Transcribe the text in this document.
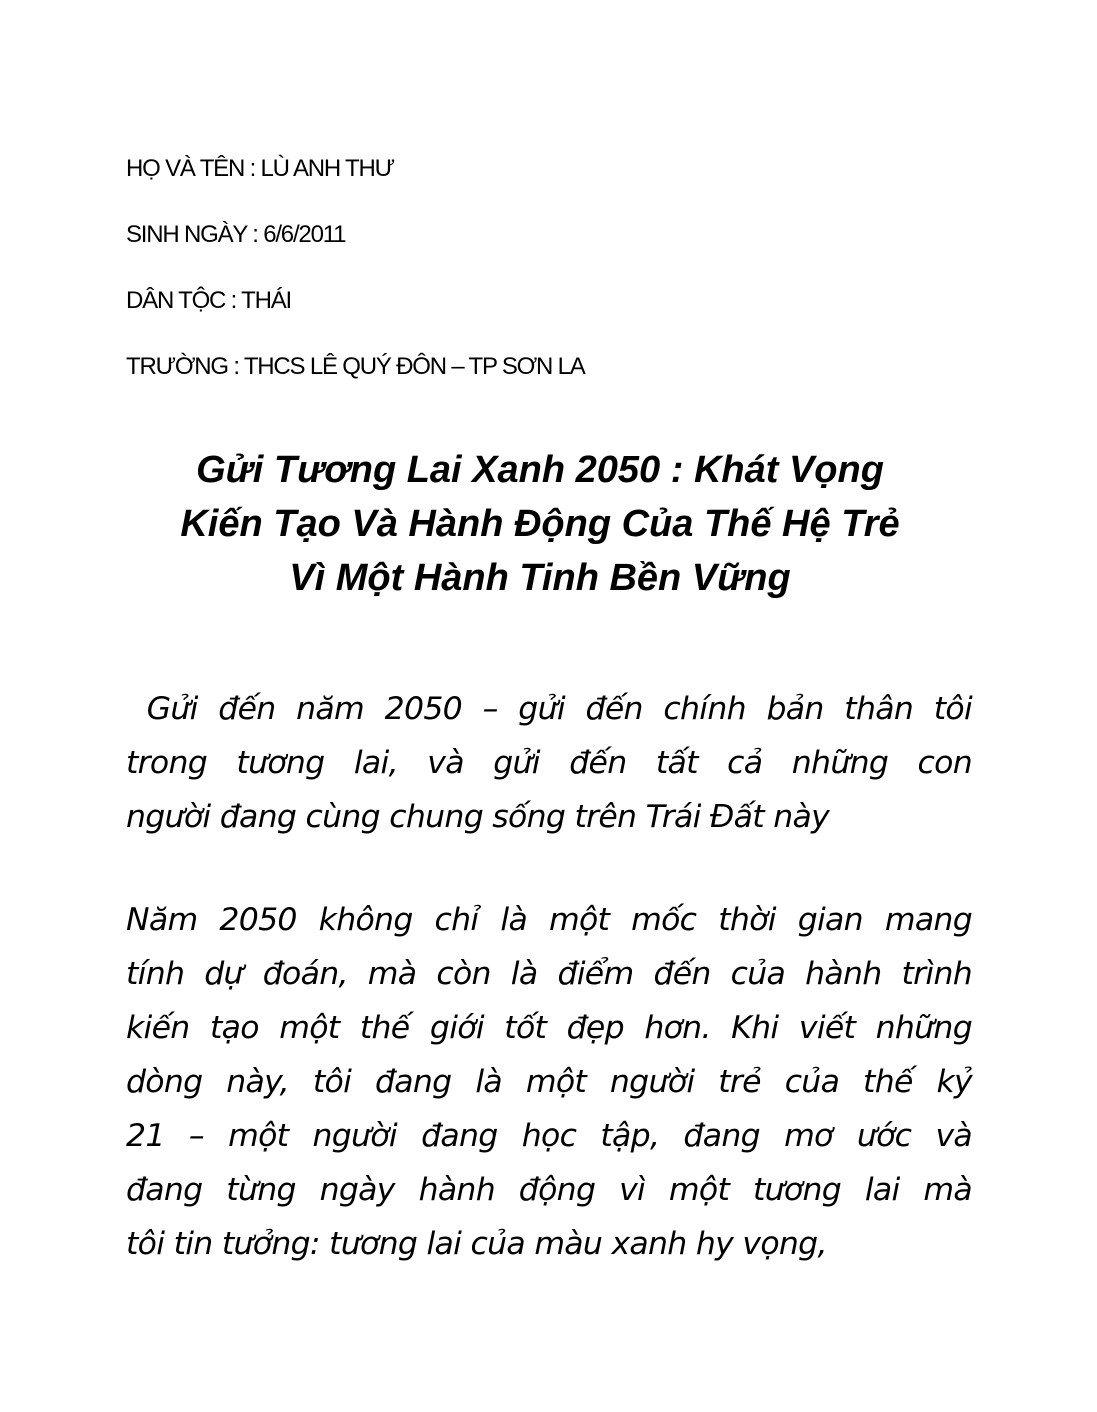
HỌ VÀ TÊN : LÙ ANH THƯ
SINH NGÀY : 6/6/2011
DÂN TỘC : THÁI
TRƯỜNG : THCS LÊ QUÝ ĐÔN – TP SƠN LA
Gửi Tương Lai Xanh 2050 : Khát Vọng
Kiến Tạo Và Hành Động Của Thế Hệ Trẻ
Vì Một Hành Tinh Bền Vững
Gửi đến năm 2050 – gửi đến chính bản thân tôi
trong tương lai, và gửi đến tất cả những con
người đang cùng chung sống trên Trái Đất này
Năm 2050 không chỉ là một mốc thời gian mang
tính dự đoán, mà còn là điểm đến của hành trình
kiến tạo một thế giới tốt đẹp hơn. Khi viết những
dòng này, tôi đang là một người trẻ của thế kỷ
21 – một người đang học tập, đang mơ ước và
đang từng ngày hành động vì một tương lai mà
tôi tin tưởng: tương lai của màu xanh hy vọng,
